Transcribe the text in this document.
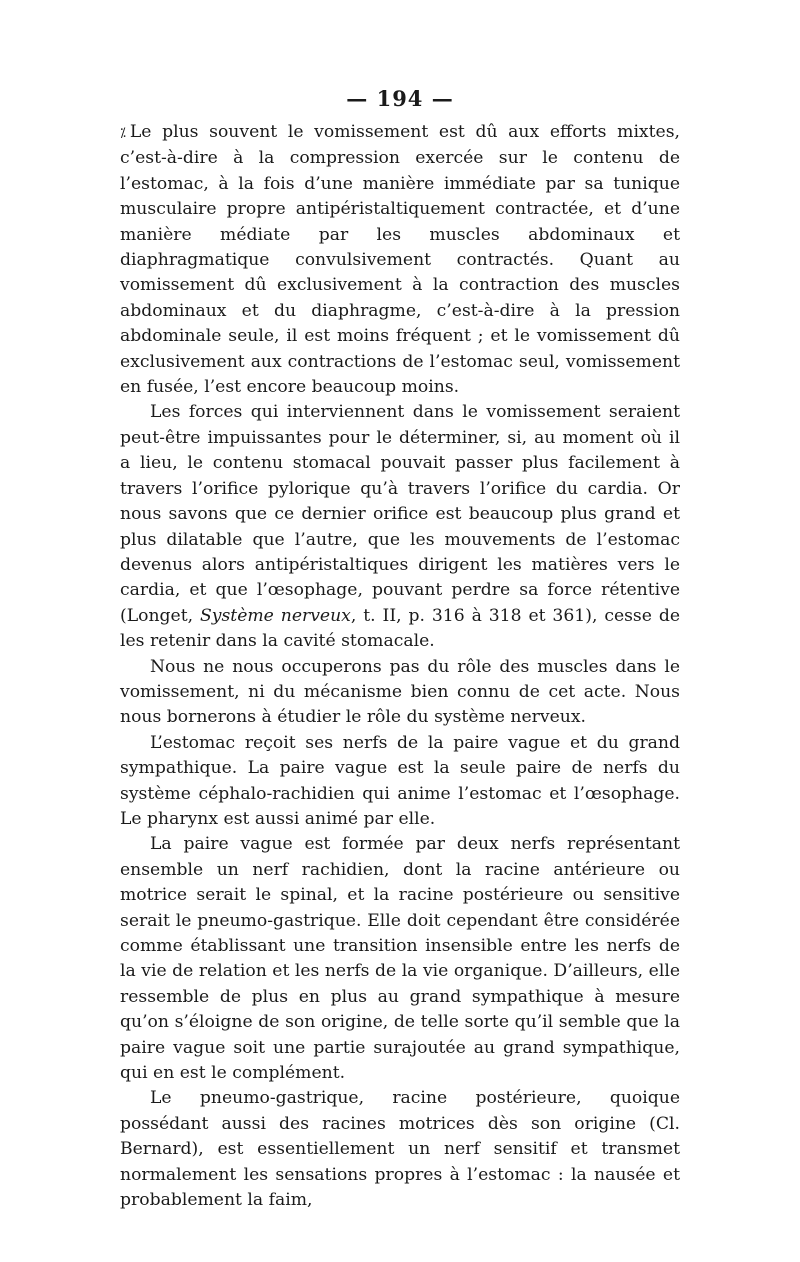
— 194 —

⁒ Le plus souvent le vomissement est dû aux efforts mixtes, c’est-à-dire à la compression exercée sur le contenu de l’estomac, à la fois d’une manière immédiate par sa tunique musculaire propre antipéristaltiquement contractée, et d’une manière médiate par les muscles abdominaux et diaphragmatique convulsivement contractés. Quant au vomissement dû exclusivement à la contraction des muscles abdominaux et du diaphragme, c’est-à-dire à la pression abdominale seule, il est moins fréquent ; et le vomissement dû exclusivement aux contractions de l’estomac seul, vomissement en fusée, l’est encore beaucoup moins.

Les forces qui interviennent dans le vomissement seraient peut-être impuissantes pour le déterminer, si, au moment où il a lieu, le contenu stomacal pouvait passer plus facilement à travers l’orifice pylorique qu’à travers l’orifice du cardia. Or nous savons que ce dernier orifice est beaucoup plus grand et plus dilatable que l’autre, que les mouvements de l’estomac devenus alors antipéristaltiques dirigent les matières vers le cardia, et que l’œsophage, pouvant perdre sa force rétentive (Longet, Système nerveux, t. II, p. 316 à 318 et 361), cesse de les retenir dans la cavité stomacale.

Nous ne nous occuperons pas du rôle des muscles dans le vomissement, ni du mécanisme bien connu de cet acte. Nous nous bornerons à étudier le rôle du système nerveux.

L’estomac reçoit ses nerfs de la paire vague et du grand sympathique. La paire vague est la seule paire de nerfs du système céphalo-rachidien qui anime l’estomac et l’œsophage. Le pharynx est aussi animé par elle.

La paire vague est formée par deux nerfs représentant ensemble un nerf rachidien, dont la racine antérieure ou motrice serait le spinal, et la racine postérieure ou sensitive serait le pneumo-gastrique. Elle doit cependant être considérée comme établissant une transition insensible entre les nerfs de la vie de relation et les nerfs de la vie organique. D’ailleurs, elle ressemble de plus en plus au grand sympathique à mesure qu’on s’éloigne de son origine, de telle sorte qu’il semble que la paire vague soit une partie surajoutée au grand sympathique, qui en est le complément.

Le pneumo-gastrique, racine postérieure, quoique possédant aussi des racines motrices dès son origine (Cl. Bernard), est essentiellement un nerf sensitif et transmet normalement les sensations propres à l’estomac : la nausée et probablement la faim,
